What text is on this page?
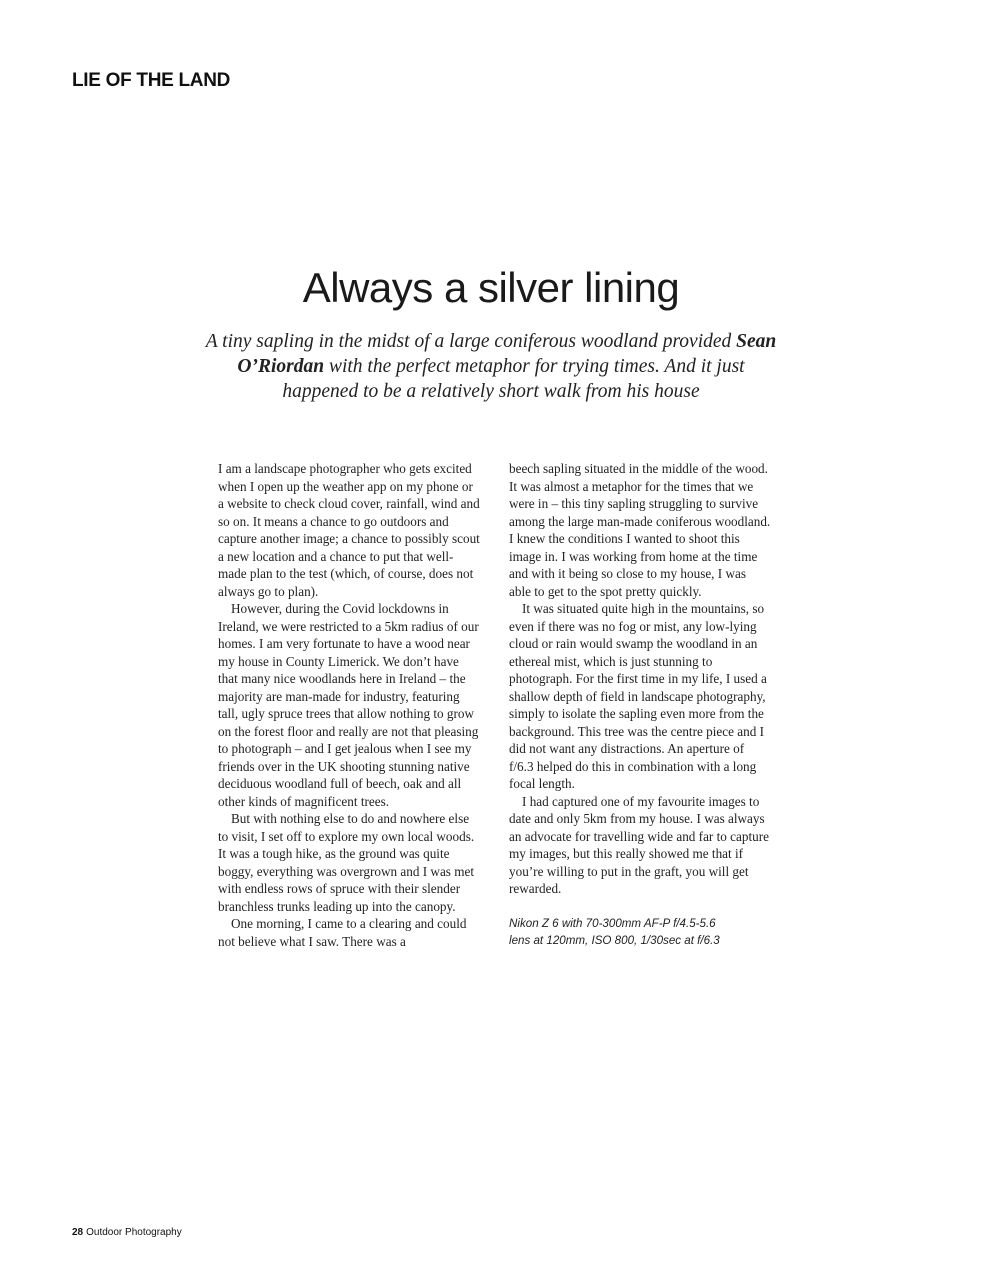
LIE OF THE LAND
Always a silver lining

A tiny sapling in the midst of a large coniferous woodland provided Sean O’Riordan with the perfect metaphor for trying times. And it just happened to be a relatively short walk from his house

I am a landscape photographer who gets excited when I open up the weather app on my phone or a website to check cloud cover, rainfall, wind and so on. It means a chance to go outdoors and capture another image; a chance to possibly scout a new location and a chance to put that well-made plan to the test (which, of course, does not always go to plan).

However, during the Covid lockdowns in Ireland, we were restricted to a 5km radius of our homes. I am very fortunate to have a wood near my house in County Limerick. We don’t have that many nice woodlands here in Ireland – the majority are man-made for industry, featuring tall, ugly spruce trees that allow nothing to grow on the forest floor and really are not that pleasing to photograph – and I get jealous when I see my friends over in the UK shooting stunning native deciduous woodland full of beech, oak and all other kinds of magnificent trees.

But with nothing else to do and nowhere else to visit, I set off to explore my own local woods. It was a tough hike, as the ground was quite boggy, everything was overgrown and I was met with endless rows of spruce with their slender branchless trunks leading up into the canopy.

One morning, I came to a clearing and could not believe what I saw. There was a

beech sapling situated in the middle of the wood. It was almost a metaphor for the times that we were in – this tiny sapling struggling to survive among the large man-made coniferous woodland. I knew the conditions I wanted to shoot this image in. I was working from home at the time and with it being so close to my house, I was able to get to the spot pretty quickly.

It was situated quite high in the mountains, so even if there was no fog or mist, any low-lying cloud or rain would swamp the woodland in an ethereal mist, which is just stunning to photograph. For the first time in my life, I used a shallow depth of field in landscape photography, simply to isolate the sapling even more from the background. This tree was the centre piece and I did not want any distractions. An aperture of f/6.3 helped do this in combination with a long focal length.

I had captured one of my favourite images to date and only 5km from my house. I was always an advocate for travelling wide and far to capture my images, but this really showed me that if you’re willing to put in the graft, you will get rewarded.

Nikon Z 6 with 70-300mm AF-P f/4.5-5.6
lens at 120mm, ISO 800, 1/30sec at f/6.3

28 Outdoor Photography
